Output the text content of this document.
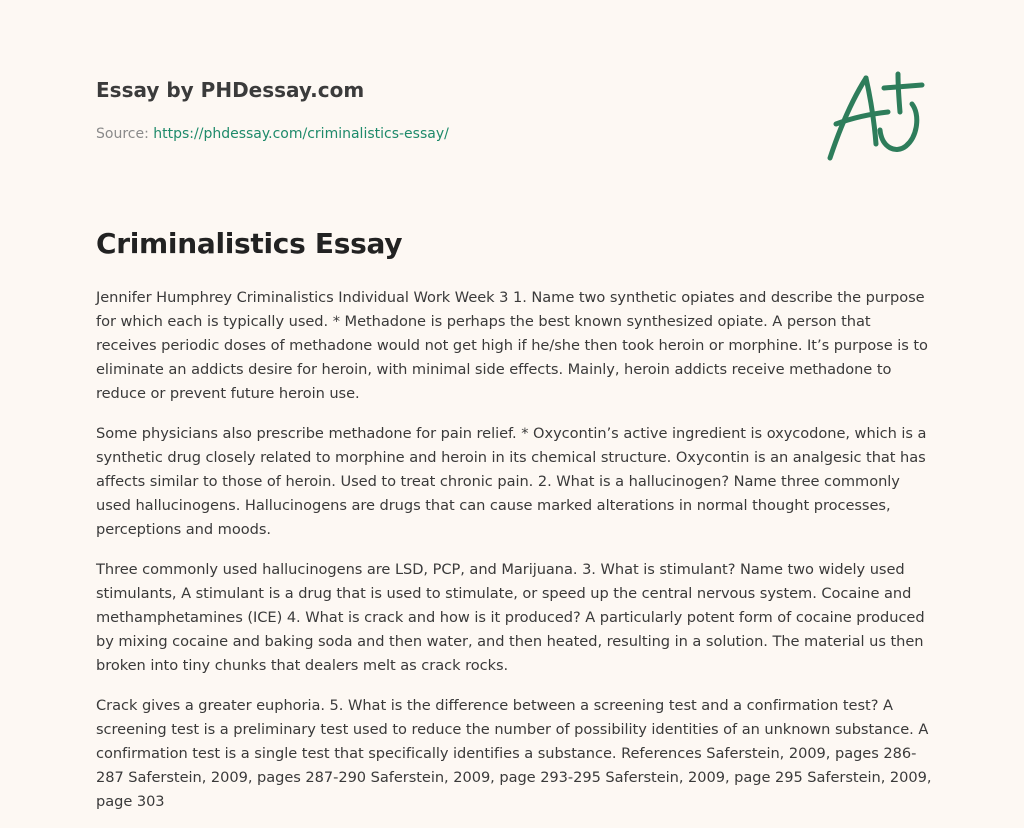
Essay by PHDessay.com
Source: https://phdessay.com/criminalistics-essay/
Criminalistics Essay

Jennifer Humphrey Criminalistics Individual Work Week 3 1. Name two synthetic opiates and describe the purpose for which each is typically used. * Methadone is perhaps the best known synthesized opiate. A person that receives periodic doses of methadone would not get high if he/she then took heroin or morphine. It’s purpose is to eliminate an addicts desire for heroin, with minimal side effects. Mainly, heroin addicts receive methadone to reduce or prevent future heroin use.

Some physicians also prescribe methadone for pain relief. * Oxycontin’s active ingredient is oxycodone, which is a synthetic drug closely related to morphine and heroin in its chemical structure. Oxycontin is an analgesic that has affects similar to those of heroin. Used to treat chronic pain. 2. What is a hallucinogen? Name three commonly used hallucinogens. Hallucinogens are drugs that can cause marked alterations in normal thought processes, perceptions and moods.

Three commonly used hallucinogens are LSD, PCP, and Marijuana. 3. What is stimulant? Name two widely used stimulants, A stimulant is a drug that is used to stimulate, or speed up the central nervous system. Cocaine and methamphetamines (ICE) 4. What is crack and how is it produced? A particularly potent form of cocaine produced by mixing cocaine and baking soda and then water, and then heated, resulting in a solution. The material us then broken into tiny chunks that dealers melt as crack rocks.

Crack gives a greater euphoria. 5. What is the difference between a screening test and a confirmation test? A screening test is a preliminary test used to reduce the number of possibility identities of an unknown substance. A confirmation test is a single test that specifically identifies a substance. References Saferstein, 2009, pages 286-287 Saferstein, 2009, pages 287-290 Saferstein, 2009, page 293-295 Saferstein, 2009, page 295 Saferstein, 2009, page 303
